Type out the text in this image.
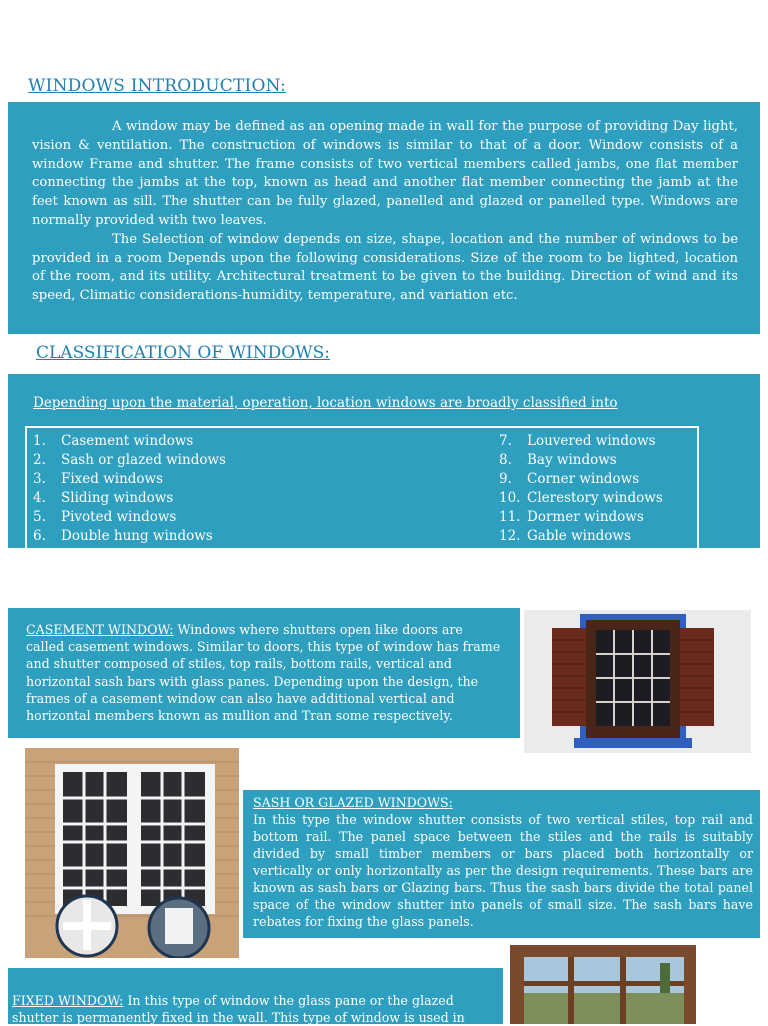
WINDOWS INTRODUCTION:

A window may be defined as an opening made in wall for the purpose of providing Day light, vision & ventilation. The construction of windows is similar to that of a door. Window consists of a window Frame and shutter. The frame consists of two vertical members called jambs, one flat member connecting the jambs at the top, known as head and another flat member connecting the jamb at the feet known as sill. The shutter can be fully glazed, panelled and glazed or panelled type. Windows are normally provided with two leaves.

The Selection of window depends on size, shape, location and the number of windows to be provided in a room Depends upon the following considerations. Size of the room to be lighted, location of the room, and its utility. Architectural treatment to be given to the building. Direction of wind and its speed, Climatic considerations-humidity, temperature, and variation etc.

CLASSIFICATION OF WINDOWS:
Depending upon the material, operation, location windows are broadly classified into
1. Casement windows
2. Sash or glazed windows
3. Fixed windows
4. Sliding windows
5. Pivoted windows
6. Double hung windows
7. Louvered windows
8. Bay windows
9. Corner windows
10. Clerestory windows
11. Dormer windows
12. Gable windows
CASEMENT WINDOW: Windows where shutters open like doors are called casement windows. Similar to doors, this type of window has frame and shutter composed of stiles, top rails, bottom rails, vertical and horizontal sash bars with glass panes. Depending upon the design, the frames of a casement window can also have additional vertical and horizontal members known as mullion and Tran some respectively.
SASH OR GLAZED WINDOWS:
In this type the window shutter consists of two vertical stiles, top rail and bottom rail. The panel space between the stiles and the rails is suitably divided by small timber members or bars placed both horizontally or vertically or only horizontally as per the design requirements. These bars are known as sash bars or Glazing bars. Thus the sash bars divide the total panel space of the window shutter into panels of small size. The sash bars have rebates for fixing the glass panels.
FIXED WINDOW: In this type of window the glass pane or the glazed shutter is permanently fixed in the wall. This type of window is used in
